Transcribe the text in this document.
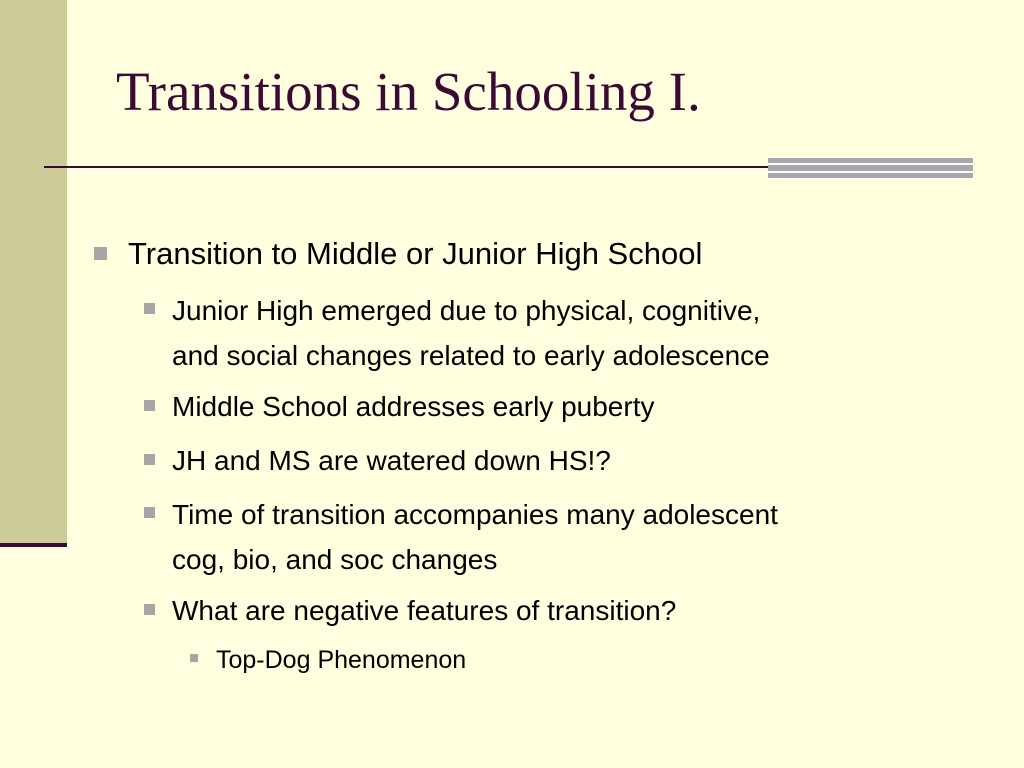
Transitions in Schooling I.
Transition to Middle or Junior High School
Junior High emerged due to physical, cognitive,
and social changes related to early adolescence
Middle School addresses early puberty
JH and MS are watered down HS!?
Time of transition accompanies many adolescent
cog, bio, and soc changes
What are negative features of transition?
Top-Dog Phenomenon
